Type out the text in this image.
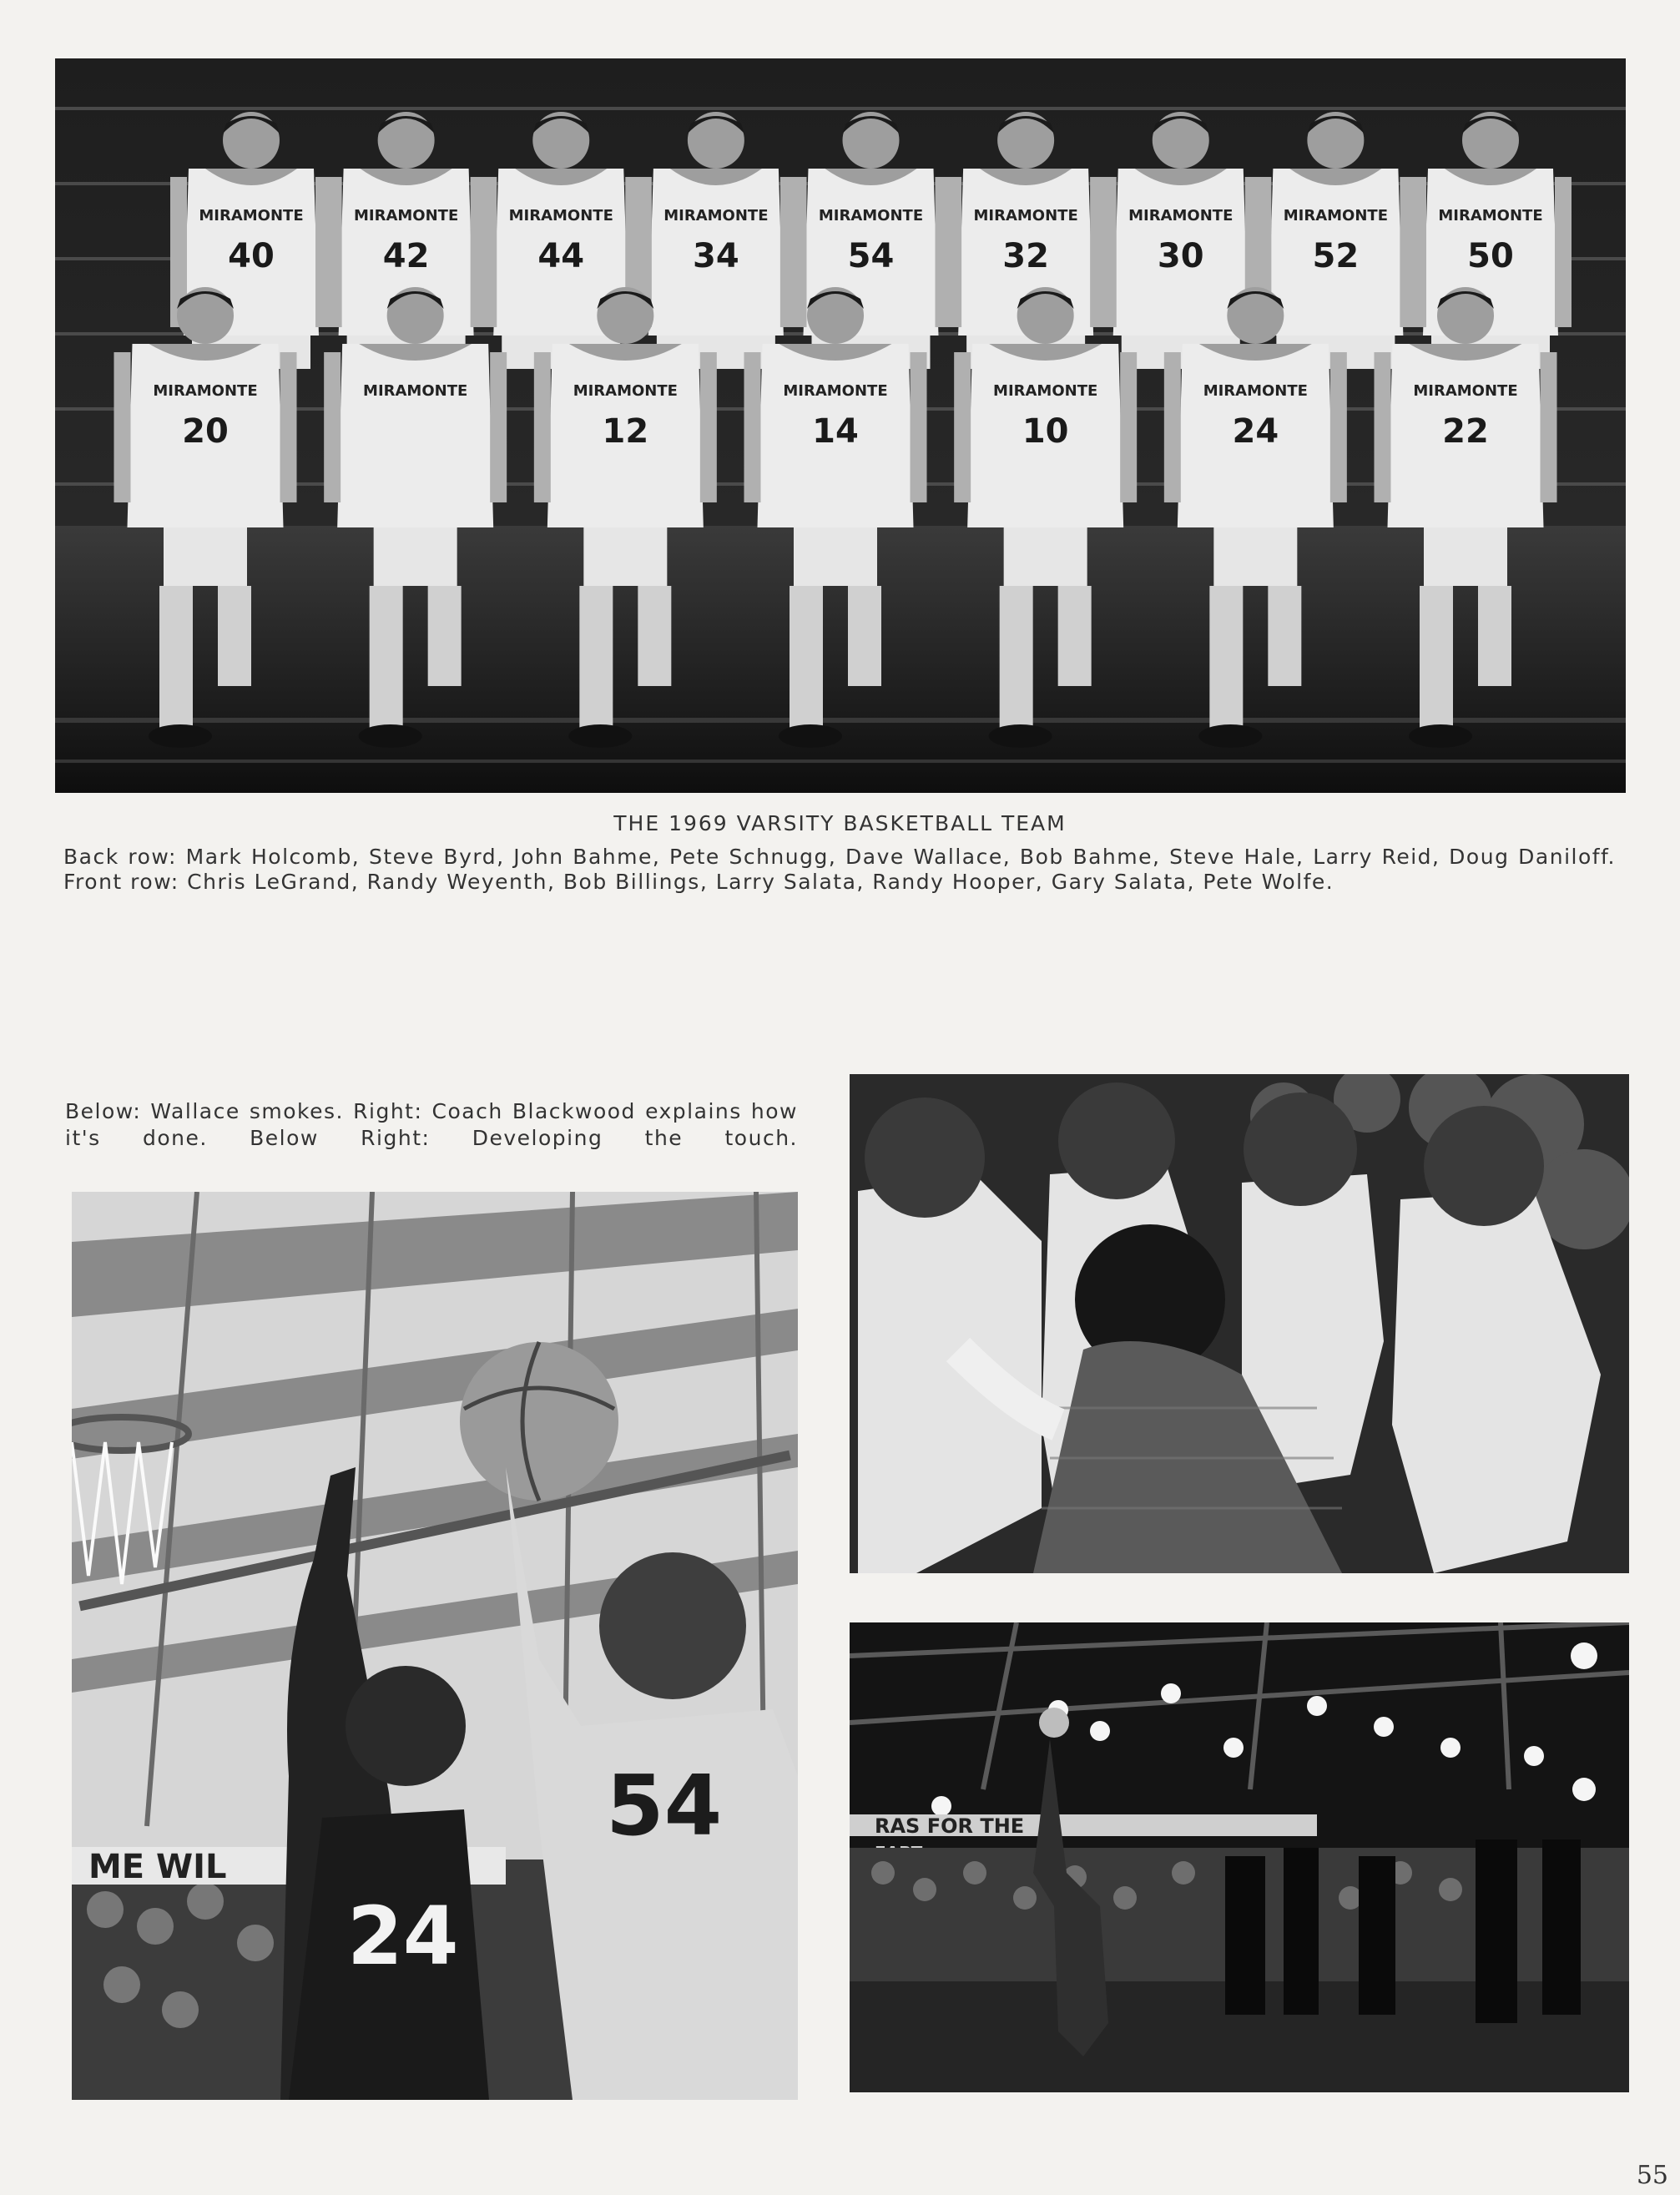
MIRAMONTE
40
MIRAMONTE
42
MIRAMONTE
44
MIRAMONTE
34
MIRAMONTE
54
MIRAMONTE
32
MIRAMONTE
30
MIRAMONTE
52
MIRAMONTE
50
MIRAMONTE
20
MIRAMONTE	MIRAMONTE
12
MIRAMONTE
14
MIRAMONTE
10
MIRAMONTE
24
MIRAMONTE
22
THE 1969 VARSITY BASKETBALL TEAM
Back row: Mark Holcomb, Steve Byrd, John Bahme, Pete Schnugg, Dave Wallace, Bob Bahme, Steve Hale, Larry Reid, Doug Daniloff. Front row: Chris LeGrand, Randy Weyenth, Bob Billings, Larry Salata, Randy Hooper, Gary Salata, Pete Wolfe.
Below: Wallace smokes. Right: Coach Blackwood explains how it's done. Below Right: Developing the touch.
ME WIL
24
54	RAS FOR THE
55
